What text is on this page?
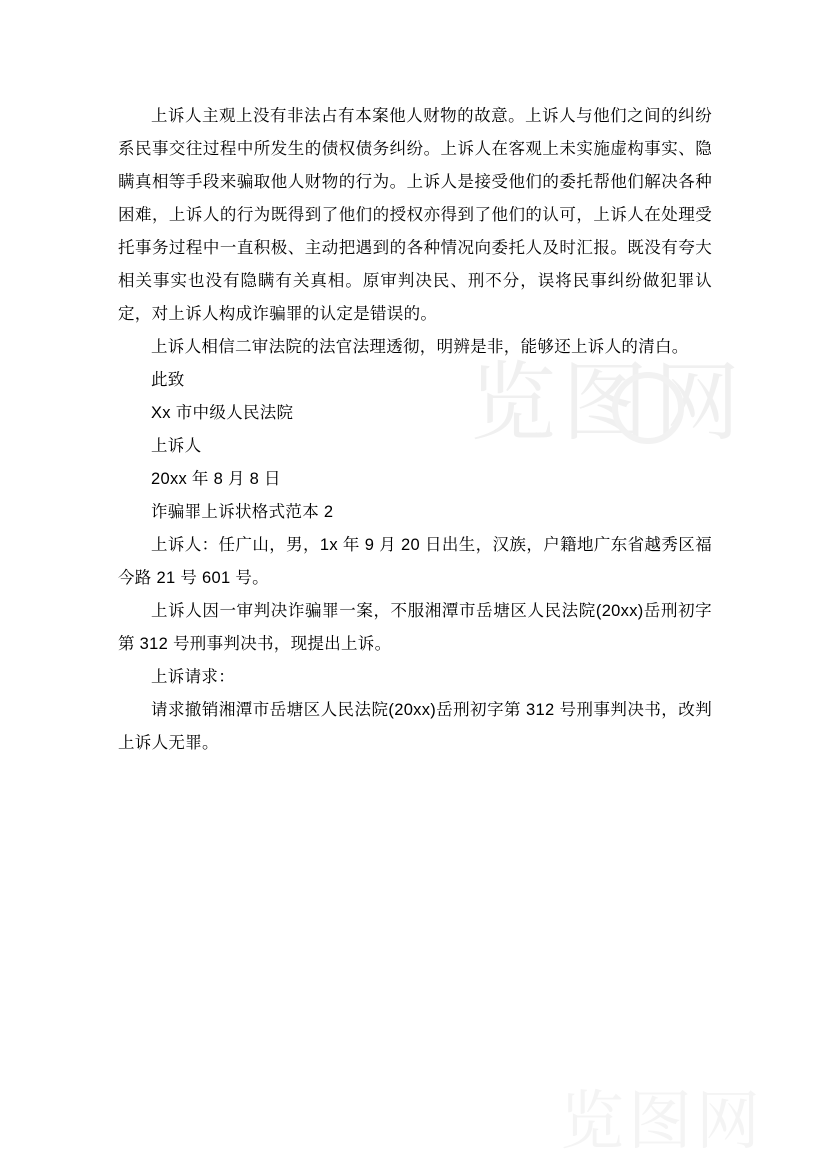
览图网
览图网

上诉人主观上没有非法占有本案他人财物的故意。上诉人与他们之间的纠纷系民事交往过程中所发生的债权债务纠纷。上诉人在客观上未实施虚构事实、隐瞒真相等手段来骗取他人财物的行为。上诉人是接受他们的委托帮他们解决各种困难，上诉人的行为既得到了他们的授权亦得到了他们的认可，上诉人在处理受托事务过程中一直积极、主动把遇到的各种情况向委托人及时汇报。既没有夸大相关事实也没有隐瞒有关真相。原审判决民、刑不分，误将民事纠纷做犯罪认定，对上诉人构成诈骗罪的认定是错误的。

上诉人相信二审法院的法官法理透彻，明辨是非，能够还上诉人的清白。

此致

Xx 市中级人民法院

上诉人

20xx 年 8 月 8 日

诈骗罪上诉状格式范本 2

上诉人：任广山，男，1x 年 9 月 20 日出生，汉族，户籍地广东省越秀区福今路 21 号 601 号。

上诉人因一审判决诈骗罪一案，不服湘潭市岳塘区人民法院(20xx)岳刑初字第 312 号刑事判决书，现提出上诉。

上诉请求：

请求撤销湘潭市岳塘区人民法院(20xx)岳刑初字第 312 号刑事判决书，改判上诉人无罪。
